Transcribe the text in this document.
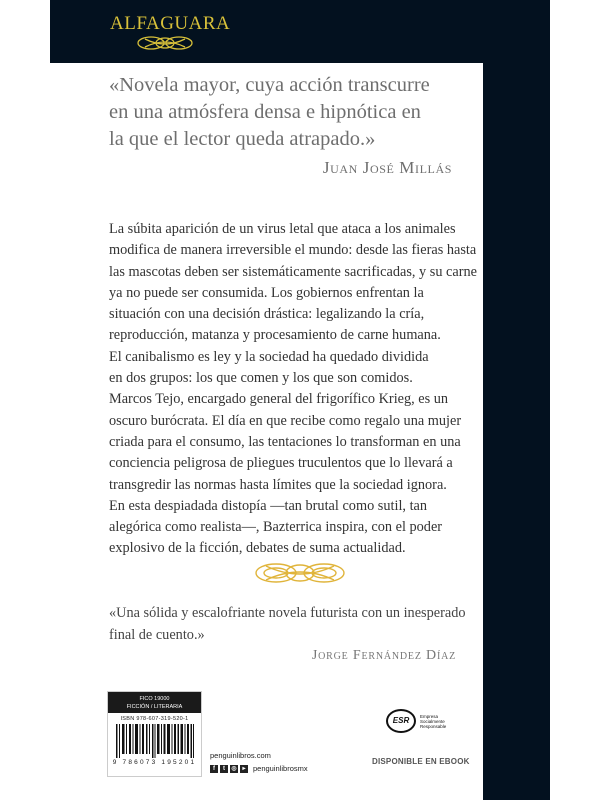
ALFAGUARA
«Novela mayor, cuya acción transcurre
en una atmósfera densa e hipnótica en
la que el lector queda atrapado.»
Juan José Millás

La súbita aparición de un virus letal que ataca a los animales

modifica de manera irreversible el mundo: desde las fieras hasta

las mascotas deben ser sistemáticamente sacrificadas, y su carne

ya no puede ser consumida. Los gobiernos enfrentan la

situación con una decisión drástica: legalizando la cría,

reproducción, matanza y procesamiento de carne humana.

El canibalismo es ley y la sociedad ha quedado dividida

en dos grupos: los que comen y los que son comidos.

Marcos Tejo, encargado general del frigorífico Krieg, es un

oscuro burócrata. El día en que recibe como regalo una mujer

criada para el consumo, las tentaciones lo transforman en una

conciencia peligrosa de pliegues truculentos que lo llevará a

transgredir las normas hasta límites que la sociedad ignora.

En esta despiadada distopía —tan brutal como sutil, tan

alegórica como realista—, Bazterrica inspira, con el poder

explosivo de la ficción, debates de suma actualidad.

«Una sólida y escalofriante novela futurista con un inesperado
final de cuento.»
Jorge Fernández Díaz
FICO 19000
FICCIÓN / LITERARIA
ISBN 978-607-319-520-1
9 786073 195201
penguinlibros.com
f	t	◎ ▸	penguinlibrosmx
ESR	Empresa
Socialmente
Responsable
DISPONIBLE EN EBOOK
